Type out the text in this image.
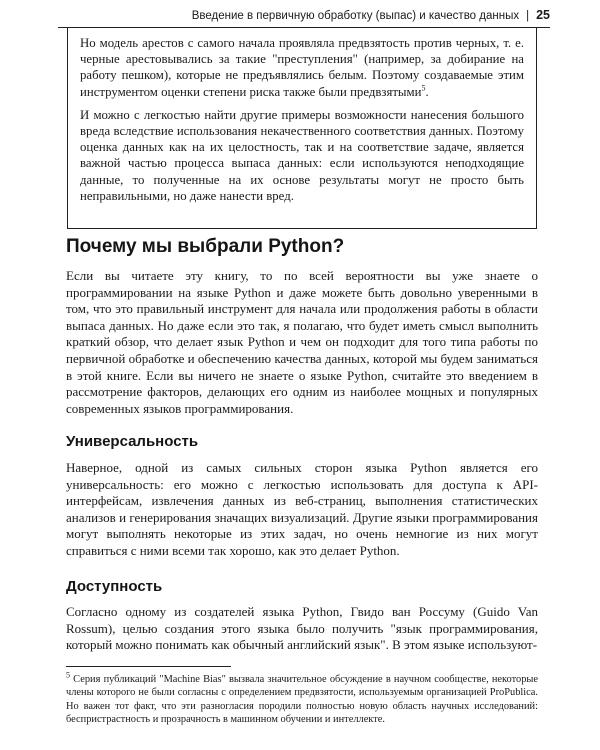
Введение в первичную обработку (выпас) и качество данных | 25

Но модель арестов с самого начала проявляла предвзятость против черных, т. е. черные арестовывались за такие "преступления" (например, за добирание на работу пешком), которые не предъявлялись белым. Поэтому создаваемые этим инструментом оценки степени риска также были предвзятыми$^5$.

И можно с легкостью найти другие примеры возможности нанесения большого вреда вследствие использования некачественного соответствия данных. Поэтому оценка данных как на их целостность, так и на соответствие задаче, является важной частью процесса выпаса данных: если используются неподходящие данные, то полученные на их основе результаты могут не просто быть неправильными, но даже нанести вред.

Почему мы выбрали Python?

Если вы читаете эту книгу, то по всей вероятности вы уже знаете о программировании на языке Python и даже можете быть довольно уверенными в том, что это правильный инструмент для начала или продолжения работы в области выпаса данных. Но даже если это так, я полагаю, что будет иметь смысл выполнить краткий обзор, что делает язык Python и чем он подходит для того типа работы по первичной обработке и обеспечению качества данных, которой мы будем заниматься в этой книге. Если вы ничего не знаете о языке Python, считайте это введением в рассмотрение факторов, делающих его одним из наиболее мощных и популярных современных языков программирования.

Универсальность

Наверное, одной из самых сильных сторон языка Python является его универсальность: его можно с легкостью использовать для доступа к API-интерфейсам, извлечения данных из веб-страниц, выполнения статистических анализов и генерирования значащих визуализаций. Другие языки программирования могут выполнять некоторые из этих задач, но очень немногие из них могут справиться с ними всеми так хорошо, как это делает Python.

Доступность

Согласно одному из создателей языка Python, Гвидо ван Россуму (Guido Van Rossum), целью создания этого языка было получить "язык программирования, который можно понимать как обычный английский язык". В этом языке используют-

$^5$ Серия публикаций "Machine Bias" вызвала значительное обсуждение в научном сообществе, некоторые члены которого не были согласны с определением предвзятости, используемым организацией ProPublica. Но важен тот факт, что эти разногласия породили полностью новую область научных исследований: беспристрастность и прозрачность в машинном обучении и интеллекте.
